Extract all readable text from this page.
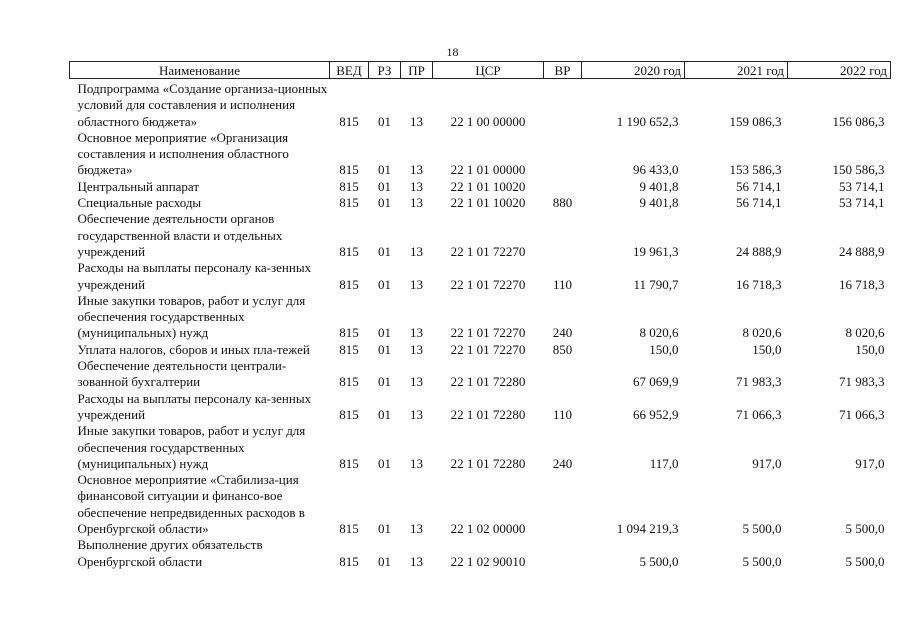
18
Наименование	ВЕД	РЗ	ПР	ЦСР	ВР	2020 год	2021 год	2022 год
Подпрограмма «Создание организа-ционных условий для составления и исполнения областного бюджета»	815	01	13	22 1 00 00000		1 190 652,3	159 086,3	156 086,3
Основное мероприятие «Организация составления и исполнения областного бюджета»	815	01	13	22 1 01 00000		96 433,0	153 586,3	150 586,3
Центральный аппарат	815	01	13	22 1 01 10020		9 401,8	56 714,1	53 714,1
Специальные расходы	815	01	13	22 1 01 10020	880	9 401,8	56 714,1	53 714,1
Обеспечение деятельности органов государственной власти и отдельных учреждений	815	01	13	22 1 01 72270		19 961,3	24 888,9	24 888,9
Расходы на выплаты персоналу ка-зенных учреждений	815	01	13	22 1 01 72270	110	11 790,7	16 718,3	16 718,3
Иные закупки товаров, работ и услуг для обеспечения государственных (муниципальных) нужд	815	01	13	22 1 01 72270	240	8 020,6	8 020,6	8 020,6
Уплата налогов, сборов и иных пла-тежей	815	01	13	22 1 01 72270	850	150,0	150,0	150,0
Обеспечение деятельности централи-зованной бухгалтерии	815	01	13	22 1 01 72280		67 069,9	71 983,3	71 983,3
Расходы на выплаты персоналу ка-зенных учреждений	815	01	13	22 1 01 72280	110	66 952,9	71 066,3	71 066,3
Иные закупки товаров, работ и услуг для обеспечения государственных (муниципальных) нужд	815	01	13	22 1 01 72280	240	117,0	917,0	917,0
Основное мероприятие «Стабилиза-ция финансовой ситуации и финансо-вое обеспечение непредвиденных расходов в Оренбургской области»	815	01	13	22 1 02 00000		1 094 219,3	5 500,0	5 500,0
Выполнение других обязательств Оренбургской области	815	01	13	22 1 02 90010		5 500,0	5 500,0	5 500,0
